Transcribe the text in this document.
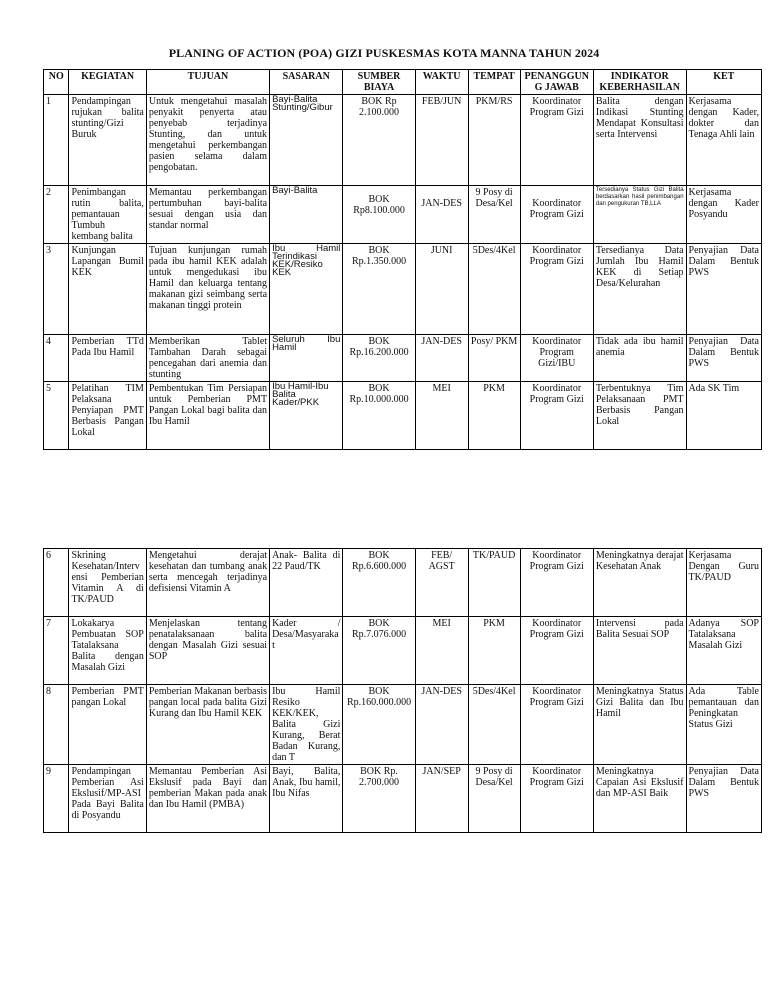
PLANING OF ACTION (POA) GIZI PUSKESMAS KOTA MANNA TAHUN 2024
NO	KEGIATAN	TUJUAN	SASARAN	SUMBER BIAYA	WAKTU	TEMPAT	PENANGGUN G JAWAB	INDIKATOR KEBERHASILAN	KET
1	Pendampingan rujukan balita stunting/Gizi Buruk	Untuk mengetahui masalah penyakit penyerta atau penyebab terjadinya Stunting, dan untuk mengetahui perkembangan pasien selama dalam pengobatan.	Bayi-Balita Stunting/Gibur	BOK Rp 2.100.000	FEB/JUN	PKM/RS	Koordinator Program Gizi	Balita dengan Indikasi Stunting Mendapat Konsultasi serta Intervensi	Kerjasama dengan Kader, dokter dan Tenaga Ahli lain
2	Penimbangan rutin balita, pemantauan Tumbuh kembang balita	Memantau perkembangan pertumbuhan bayi-balita sesuai dengan usia dan standar normal	Bayi-Balita	BOK Rp8.100.000	JAN-DES	9 Posy di Desa/Kel	Koordinator Program Gizi	Tersedianya Status Gizi Balita berdasarkan hasil penimbangan dan pengukuran TB,LLA	Kerjasama dengan Kader Posyandu
3	Kunjungan Lapangan Bumil KEK	Tujuan kunjungan rumah pada ibu hamil KEK adalah untuk mengedukasi ibu Hamil dan keluarga tentang makanan gizi seimbang serta makanan tinggi protein	Ibu Hamil Terindikasi KEK/Resiko KEK	BOK Rp.1.350.000	JUNI	5Des/4Kel	Koordinator Program Gizi	Tersedianya Data Jumlah Ibu Hamil KEK di Setiap Desa/Kelurahan	Penyajian Data Dalam Bentuk PWS
4	Pemberian TTd Pada Ibu Hamil	Memberikan Tablet Tambahan Darah sebagai pencegahan dari anemia dan stunting	Seluruh Ibu Hamil	BOK Rp.16.200.000	JAN-DES	Posy/ PKM	Koordinator Program Gizi/IBU	Tidak ada ibu hamil anemia	Penyajian Data Dalam Bentuk PWS
5	Pelatihan TIM Pelaksana Penyiapan PMT Berbasis Pangan Lokal	Pembentukan Tim Persiapan untuk Pemberian PMT Pangan Lokal bagi balita dan Ibu Hamil	Ibu Hamil-Ibu Balita Kader/PKK	BOK Rp.10.000.000	MEI	PKM	Koordinator Program Gizi	Terbentuknya Tim Pelaksanaan PMT Berbasis Pangan Lokal	Ada SK Tim
6	Skrining Kesehatan/Intervensi Pemberian Vitamin A di TK/PAUD	Mengetahui derajat kesehatan dan tumbang anak serta mencegah terjadinya defisiensi Vitamin A	Anak- Balita di 22 Paud/TK	BOK Rp.6.600.000	FEB/ AGST	TK/PAUD	Koordinator Program Gizi	Meningkatnya derajat Kesehatan Anak	Kerjasama Dengan Guru TK/PAUD
7	Lokakarya Pembuatan SOP Tatalaksana Balita dengan Masalah Gizi	Menjelaskan tentang penatalaksanaan balita dengan Masalah Gizi sesuai SOP	Kader / Desa/Masyarakat	BOK Rp.7.076.000	MEI	PKM	Koordinator Program Gizi	Intervensi pada Balita Sesuai SOP	Adanya SOP Tatalaksana Masalah Gizi
8	Pemberian PMT pangan Lokal	Pemberian Makanan berbasis pangan local pada balita Gizi Kurang dan Ibu Hamil KEK	Ibu Hamil Resiko KEK/KEK, Balita Gizi Kurang, Berat Badan Kurang, dan T	BOK Rp.160.000.000	JAN-DES	5Des/4Kel	Koordinator Program Gizi	Meningkatnya Status Gizi Balita dan Ibu Hamil	Ada Table pemantauan dan Peningkatan Status Gizi
9	Pendampingan Pemberian Asi Ekslusif/MP-ASI Pada Bayi Balita di Posyandu	Memantau Pemberian Asi Ekslusif pada Bayi dan pemberian Makan pada anak dan Ibu Hamil (PMBA)	Bayi, Balita, Anak, Ibu hamil, Ibu Nifas	BOK Rp. 2.700.000	JAN/SEP	9 Posy di Desa/Kel	Koordinator Program Gizi	Meningkatnya Capaian Asi Ekslusif dan MP-ASI Baik	Penyajian Data Dalam Bentuk PWS
